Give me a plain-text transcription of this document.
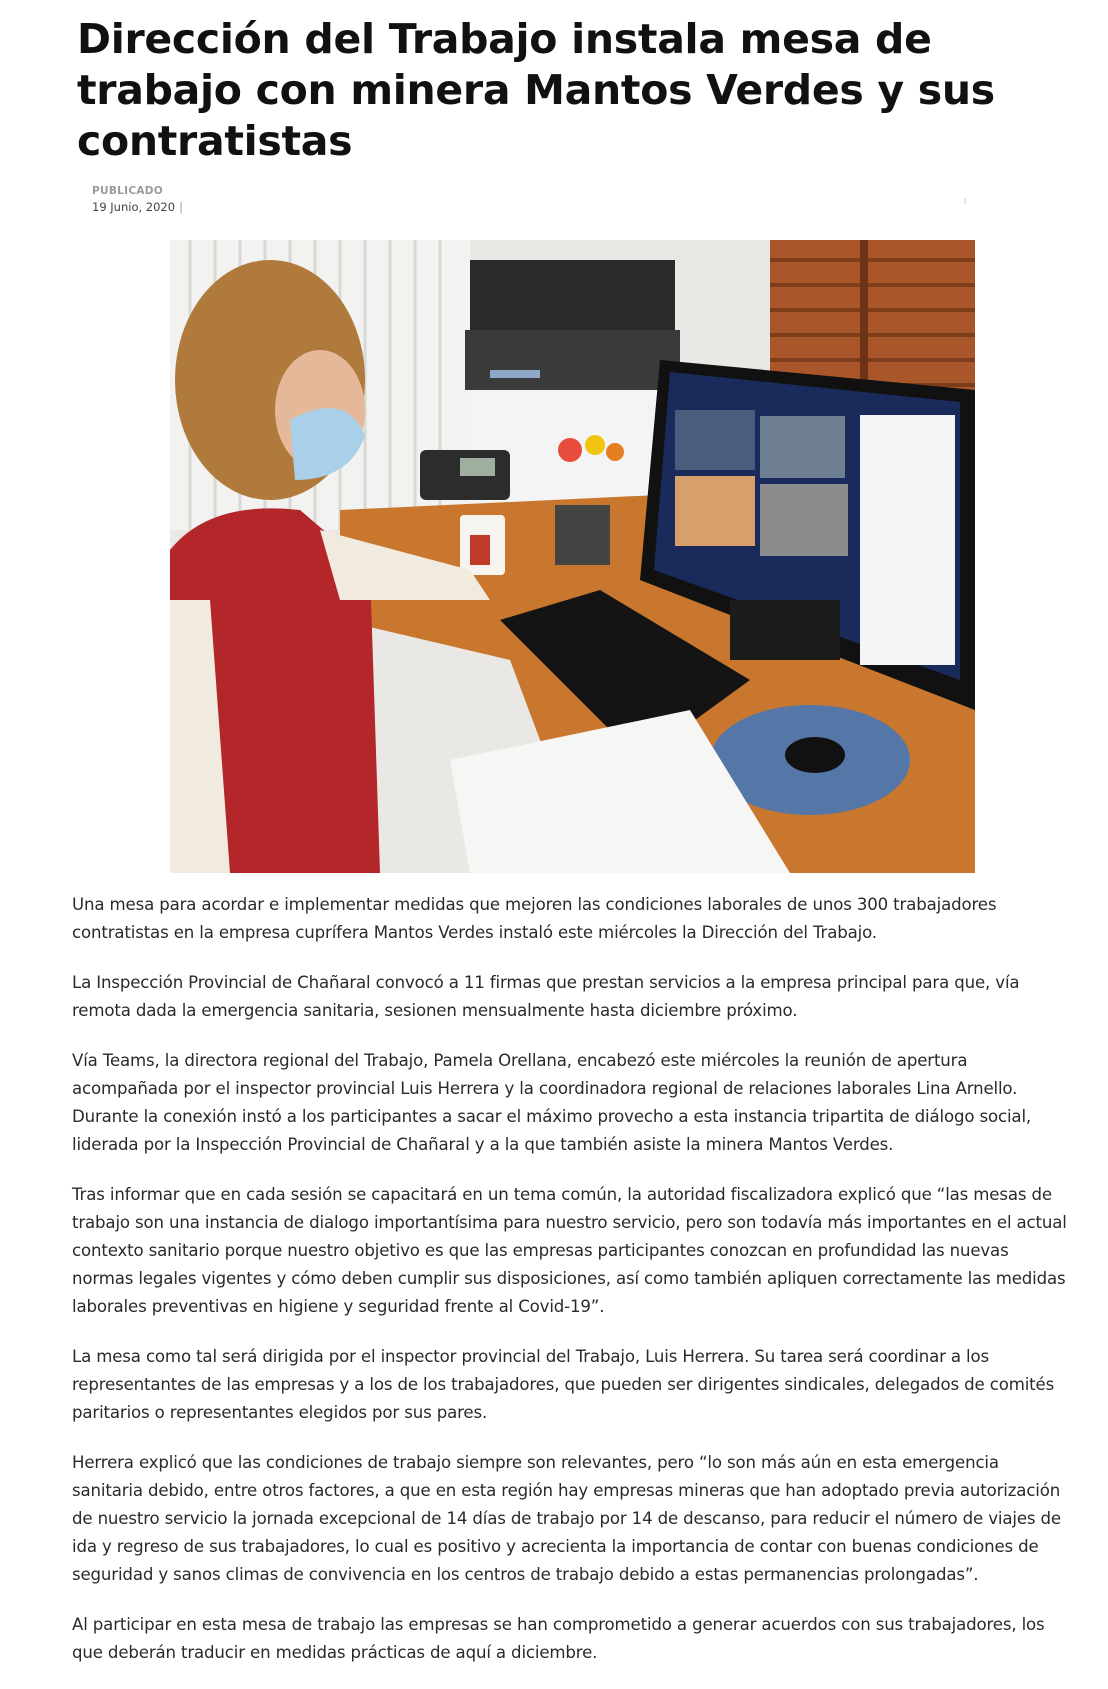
Dirección del Trabajo instala mesa de trabajo con minera Mantos Verdes y sus contratistas
PUBLICADO
19 Junio, 2020 |

Una mesa para acordar e implementar medidas que mejoren las condiciones laborales de unos 300 trabajadores contratistas en la empresa cuprífera Mantos Verdes instaló este miércoles la Dirección del Trabajo.

La Inspección Provincial de Chañaral convocó a 11 firmas que prestan servicios a la empresa principal para que, vía remota dada la emergencia sanitaria, sesionen mensualmente hasta diciembre próximo.

Vía Teams, la directora regional del Trabajo, Pamela Orellana, encabezó este miércoles la reunión de apertura acompañada por el inspector provincial Luis Herrera y la coordinadora regional de relaciones laborales Lina Arnello. Durante la conexión instó a los participantes a sacar el máximo provecho a esta instancia tripartita de diálogo social, liderada por la Inspección Provincial de Chañaral y a la que también asiste la minera Mantos Verdes.

Tras informar que en cada sesión se capacitará en un tema común, la autoridad fiscalizadora explicó que “las mesas de trabajo son una instancia de dialogo importantísima para nuestro servicio, pero son todavía más importantes en el actual contexto sanitario porque nuestro objetivo es que las empresas participantes conozcan en profundidad las nuevas normas legales vigentes y cómo deben cumplir sus disposiciones, así como también apliquen correctamente las medidas laborales preventivas en higiene y seguridad frente al Covid-19”.

La mesa como tal será dirigida por el inspector provincial del Trabajo, Luis Herrera. Su tarea será coordinar a los representantes de las empresas y a los de los trabajadores, que pueden ser dirigentes sindicales, delegados de comités paritarios o representantes elegidos por sus pares.

Herrera explicó que las condiciones de trabajo siempre son relevantes, pero “lo son más aún en esta emergencia sanitaria debido, entre otros factores, a que en esta región hay empresas mineras que han adoptado previa autorización de nuestro servicio la jornada excepcional de 14 días de trabajo por 14 de descanso, para reducir el número de viajes de ida y regreso de sus trabajadores, lo cual es positivo y acrecienta la importancia de contar con buenas condiciones de seguridad y sanos climas de convivencia en los centros de trabajo debido a estas permanencias prolongadas”.

Al participar en esta mesa de trabajo las empresas se han comprometido a generar acuerdos con sus trabajadores, los que deberán traducir en medidas prácticas de aquí a diciembre.
